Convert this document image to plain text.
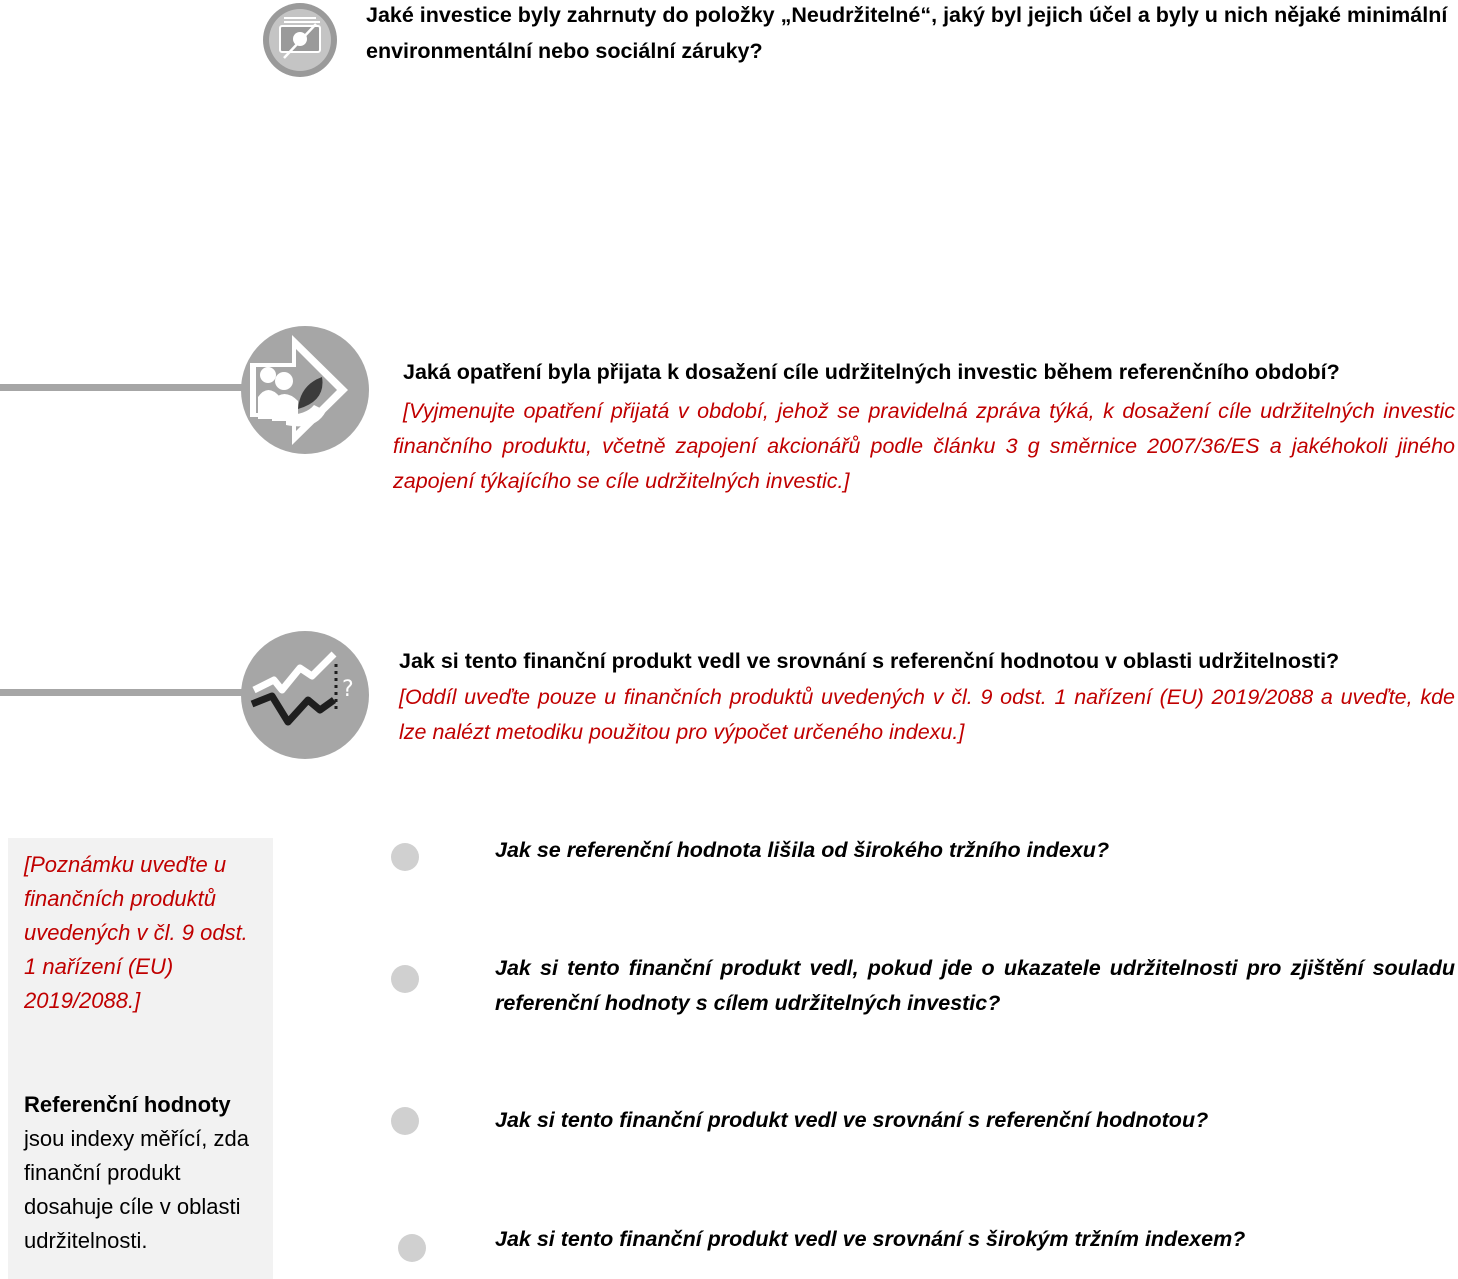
Jaké investice byly zahrnuty do položky „Neudržitelné“, jaký byl jejich účel a byly u nich nějaké minimální environmentální nebo sociální záruky?
Jaká opatření byla přijata k dosažení cíle udržitelných investic během referenčního období?
[Vyjmenujte opatření přijatá v období, jehož se pravidelná zpráva týká, k dosažení cíle udržitelných investic finančního produktu, včetně zapojení akcionářů podle článku 3 g směrnice 2007/36/ES a jakéhokoli jiného zapojení týkajícího se cíle udržitelných investic.]
?
Jak si tento finanční produkt vedl ve srovnání s referenční hodnotou v oblasti udržitelnosti?
[Oddíl uveďte pouze u finančních produktů uvedených v čl. 9 odst. 1 nařízení (EU) 2019/2088 a uveďte, kde lze nalézt metodiku použitou pro výpočet určeného indexu.]
[Poznámku uveďte u finančních produktů uvedených v čl. 9 odst. 1 nařízení (EU) 2019/2088.]
Referenční hodnoty
jsou indexy měřící, zda
finanční produkt
dosahuje cíle v oblasti
udržitelnosti.
Jak se referenční hodnota lišila od širokého tržního indexu?
Jak si tento finanční produkt vedl, pokud jde o ukazatele udržitelnosti pro zjištění souladu referenční hodnoty s cílem udržitelných investic?
Jak si tento finanční produkt vedl ve srovnání s referenční hodnotou?
Jak si tento finanční produkt vedl ve srovnání s širokým tržním indexem?
